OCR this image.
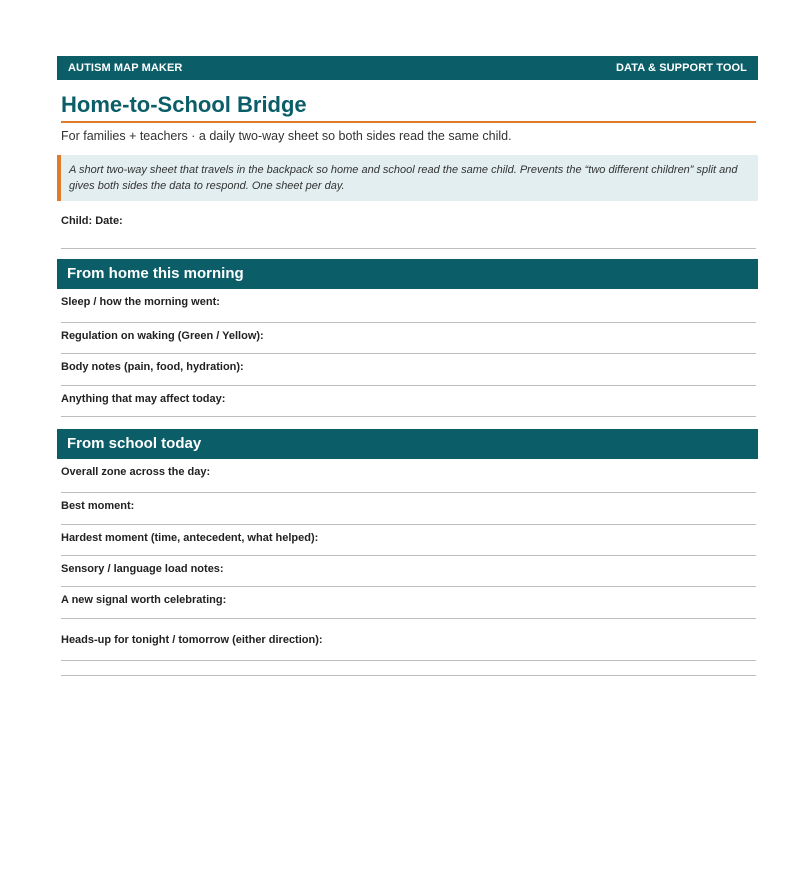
AUTISM MAP MAKER	DATA & SUPPORT TOOL
Home-to-School Bridge
For families + teachers · a daily two-way sheet so both sides read the same child.
A short two-way sheet that travels in the backpack so home and school read the same child. Prevents the “two different children” split and gives both sides the data to respond. One sheet per day.
Child: Date:
From home this morning
Sleep / how the morning went:
Regulation on waking (Green / Yellow):
Body notes (pain, food, hydration):
Anything that may affect today:
From school today
Overall zone across the day:
Best moment:
Hardest moment (time, antecedent, what helped):
Sensory / language load notes:
A new signal worth celebrating:
Heads-up for tonight / tomorrow (either direction):
